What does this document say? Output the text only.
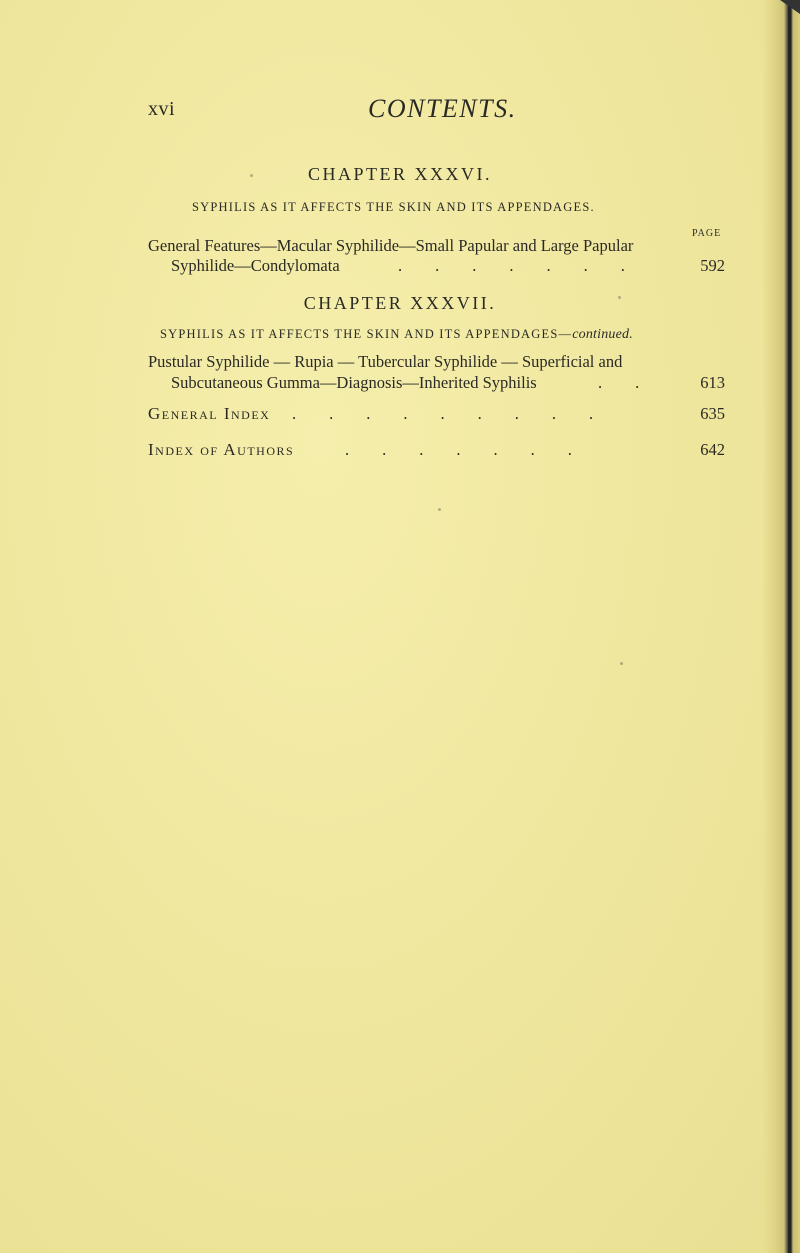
xvi	CONTENTS.
CHAPTER XXXVI.
SYPHILIS AS IT AFFECTS THE SKIN AND ITS APPENDAGES.
PAGE
General Features—Macular Syphilide—Small Papular and Large Papular
Syphilide—Condylomata	.        .        .        .        .        .        .	592
CHAPTER XXXVII.
SYPHILIS AS IT AFFECTS THE SKIN AND ITS APPENDAGES—continued.
Pustular Syphilide — Rupia — Tubercular Syphilide — Superficial and
Subcutaneous Gumma—Diagnosis—Inherited Syphilis	.        .	613
General Index .        .        .        .        .        .        .        .        .	635
Index of Authors	.        .        .        .        .        .        .	642
